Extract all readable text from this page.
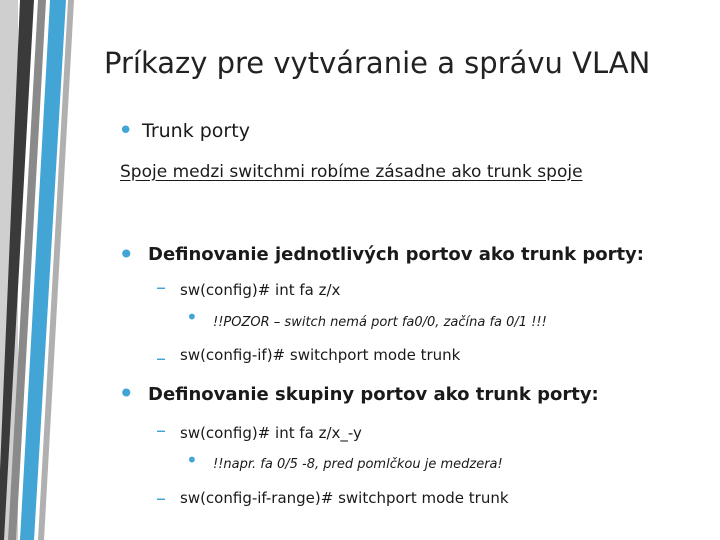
Príkazy pre vytváranie a správu VLAN
• Trunk porty
Spoje medzi switchmi robíme zásadne ako trunk spoje
• Definovanie jednotlivých portov ako trunk porty:
– sw(config)# int fa z/x
• !!POZOR – switch nemá port fa0/0, začína fa 0/1 !!!
– sw(config-if)# switchport mode trunk
• Definovanie skupiny portov ako trunk porty:
– sw(config)# int fa z/x_-y
• !!napr. fa 0/5 -8, pred pomlčkou je medzera!
– sw(config-if-range)# switchport mode trunk
